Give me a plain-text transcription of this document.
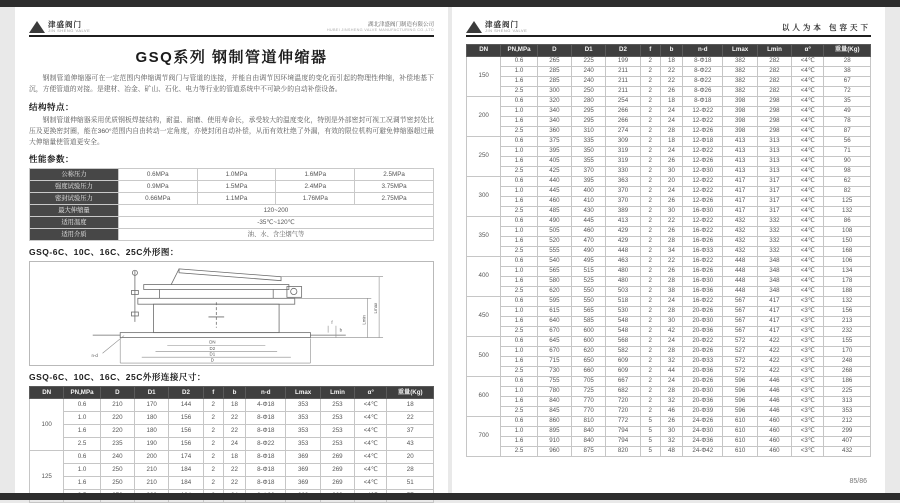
津盛阀门
JIN SHENG VALVE
湖北津盛阀门制造有限公司
HUBEI JINSHENG VALVE MANUFACTURING CO.,LTD
GSQ系列 钢制管道伸缩器

钢制管道伸缩器可在一定范围内伸缩调节阀门与管道的连接，并能自由调节因环境温度的变化而引起的物理性伸缩，补偿地基下沉，方便管道的对接。是建材、冶金、矿山、石化、电力等行业的管道系统中不可缺少的自动补偿设备。

结构特点：

钢制管道伸缩器采用优质钢板焊接结构，耐温、耐磨、使用寿命长，承受较大的温度变化，特别是外部密封可视工况调节密封处比压及更换密封圈，能在360°范围内自由转动一定角度，亦使封闭自动补偿，从而有效杜绝了外漏，有效的限位机构可避免伸缩器超过最大伸缩量使管道更安全。

性能参数：
公称压力	0.6MPa	1.0MPa	1.6MPa	2.5MPa
强度试验压力	0.9MPa	1.5MPa	2.4MPa	3.75MPa
密封试验压力	0.66MPa	1.1MPa	1.76MPa	2.75MPa
最大伸缩量	120~200			
适用温度	-35℃~120℃			
适用介质	油、水、含尘烟气等			
GSQ-6C、10C、16C、25C外形图：
DN
D2
D1
D
Lmin
Lmax
n-d
f
b
GSQ-6C、10C、16C、25C外形连接尺寸：
DN	PN,MPa	D	D1	D2	f	b	n-d	Lmax	Lmin	α°	重量(Kg)
100	0.6	210	170	144	2	18	4-Φ18	353	253	<4℃	18
	1.0	220	180	156	2	22	8-Φ18	353	253	<4℃	22
	1.6	220	180	156	2	22	8-Φ18	353	253	<4℃	37
	2.5	235	190	156	2	24	8-Φ22	353	253	<4℃	43
125	0.6	240	200	174	2	18	8-Φ18	369	269	<4℃	20
	1.0	250	210	184	2	22	8-Φ18	369	269	<4℃	28
	1.6	250	210	184	2	22	8-Φ18	369	269	<4℃	51

津盛阀门
JIN SHENG VALVE	以人为本 包容天下
DN	PN,MPa	D	D1	D2	f	b	n-d	Lmax	Lmin	α°	重量(Kg)
150	0.6	265	225	199	2	18	8-Φ18	382	282	<4℃	28
	1.0	285	240	211	2	22	8-Φ22	382	282	<4℃	38
	1.6	285	240	211	2	22	8-Φ22	382	282	<4℃	67
	2.5	300	250	211	2	26	8-Φ26	382	282	<4℃	72
200	0.6	320	280	254	2	18	8-Φ18	398	298	<4℃	35
	1.0	340	295	266	2	24	12-Φ22	398	298	<4℃	49
	1.6	340	295	266	2	24	12-Φ22	398	298	<4℃	78
	2.5	360	310	274	2	28	12-Φ26	398	298	<4℃	87
250	0.6	375	335	309	2	18	12-Φ18	413	313	<4℃	56
	1.0	395	350	319	2	24	12-Φ22	413	313	<4℃	71
	1.6	405	355	319	2	26	12-Φ26	413	313	<4℃	90
	2.5	425	370	330	2	30	12-Φ30	413	313	<4℃	98
300	0.6	440	395	363	2	20	12-Φ22	417	317	<4℃	62
	1.0	445	400	370	2	24	12-Φ22	417	317	<4℃	82
	1.6	460	410	370	2	26	12-Φ26	417	317	<4℃	125
	2.5	485	430	389	2	30	16-Φ30	417	317	<4℃	132
350	0.6	490	445	413	2	22	12-Φ22	432	332	<4℃	86
	1.0	505	460	429	2	26	16-Φ22	432	332	<4℃	108
	1.6	520	470	429	2	28	16-Φ26	432	332	<4℃	150
	2.5	555	490	448	2	34	16-Φ33	432	332	<4℃	168
400	0.6	540	495	463	2	22	16-Φ22	448	348	<4℃	106
	1.0	565	515	480	2	26	16-Φ26	448	348	<4℃	134
	1.6	580	525	480	2	28	16-Φ30	448	348	<4℃	178
	2.5	620	550	503	2	38	16-Φ36	448	348	<4℃	188
450	0.6	595	550	518	2	24	16-Φ22	567	417	<3℃	132
	1.0	615	565	530	2	28	20-Φ26	567	417	<3℃	156
	1.6	640	585	548	2	30	20-Φ30	567	417	<3℃	213
	2.5	670	600	548	2	42	20-Φ36	567	417	<3℃	232
500	0.6	645	600	568	2	24	20-Φ22	572	422	<3℃	155
	1.0	670	620	582	2	28	20-Φ26	527	422	<3℃	170
	1.6	715	650	609	2	32	20-Φ33	572	422	<3℃	248
	2.5	730	660	609	2	44	20-Φ36	572	422	<3℃	268
600	0.6	755	705	667	2	24	20-Φ26	596	446	<3℃	186
	1.0	780	725	682	2	28	20-Φ30	596	446	<3℃	225
	1.6	840	770	720	2	32	20-Φ36	596	446	<3℃	313
	2.5	845	770	720	2	46	20-Φ39	596	446	<3℃	353
700	0.6	860	810	772	5	26	24-Φ26	610	460	<3℃	212
	1.0	895	840	794	5	30	24-Φ30	610	460	<3℃	299
	1.6	910	840	794	5	32	24-Φ36	610	460	<3℃	407
	2.5	960	875	820	5	48	24-Φ42	610	460	<3℃	432
85/86
